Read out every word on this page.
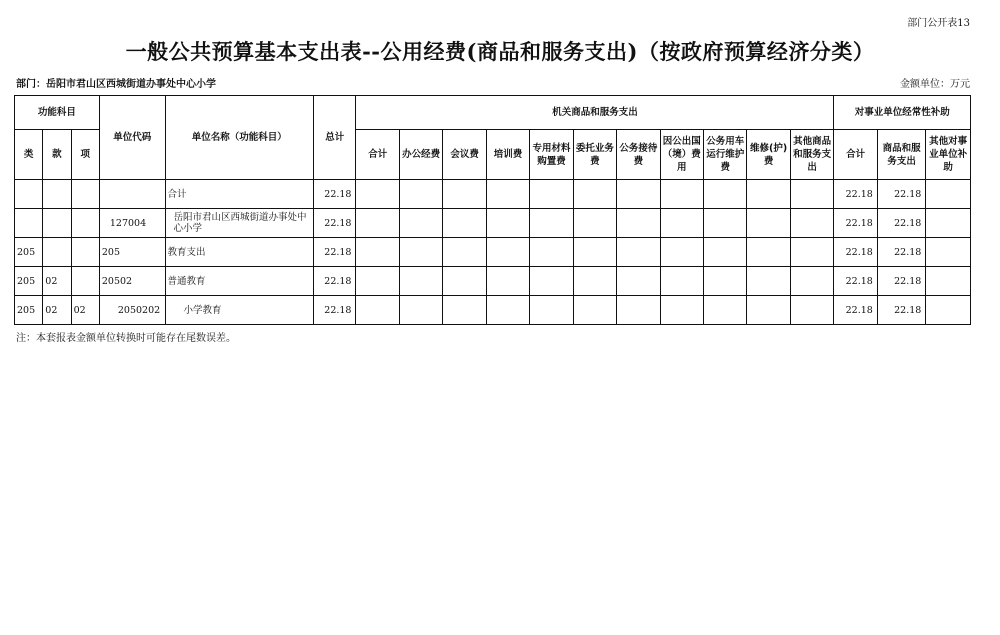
部门公开表13
一般公共预算基本支出表--公用经费(商品和服务支出)（按政府预算经济分类）
部门：岳阳市君山区西城街道办事处中心小学	金额单位：万元
功能科目			单位代码	单位名称（功能科目）	总计	机关商品和服务支出											对事业单位经常性补助		
类	款	项				合计	办公经费	会议费	培训费	专用材料购置费	委托业务费	公务接待费	因公出国（境）费用	公务用车运行维护费	维修(护)费	其他商品和服务支出	合计	商品和服务支出	其他对事业单位补助
				合计	22.18												22.18	22.18	
			127004	岳阳市君山区西城街道办事处中心小学	22.18												22.18	22.18	
205			205	教育支出	22.18												22.18	22.18	
205	02		20502	普通教育	22.18												22.18	22.18	
205	02	02	2050202	小学教育	22.18												22.18	22.18	
注：本套报表金额单位转换时可能存在尾数误差。
